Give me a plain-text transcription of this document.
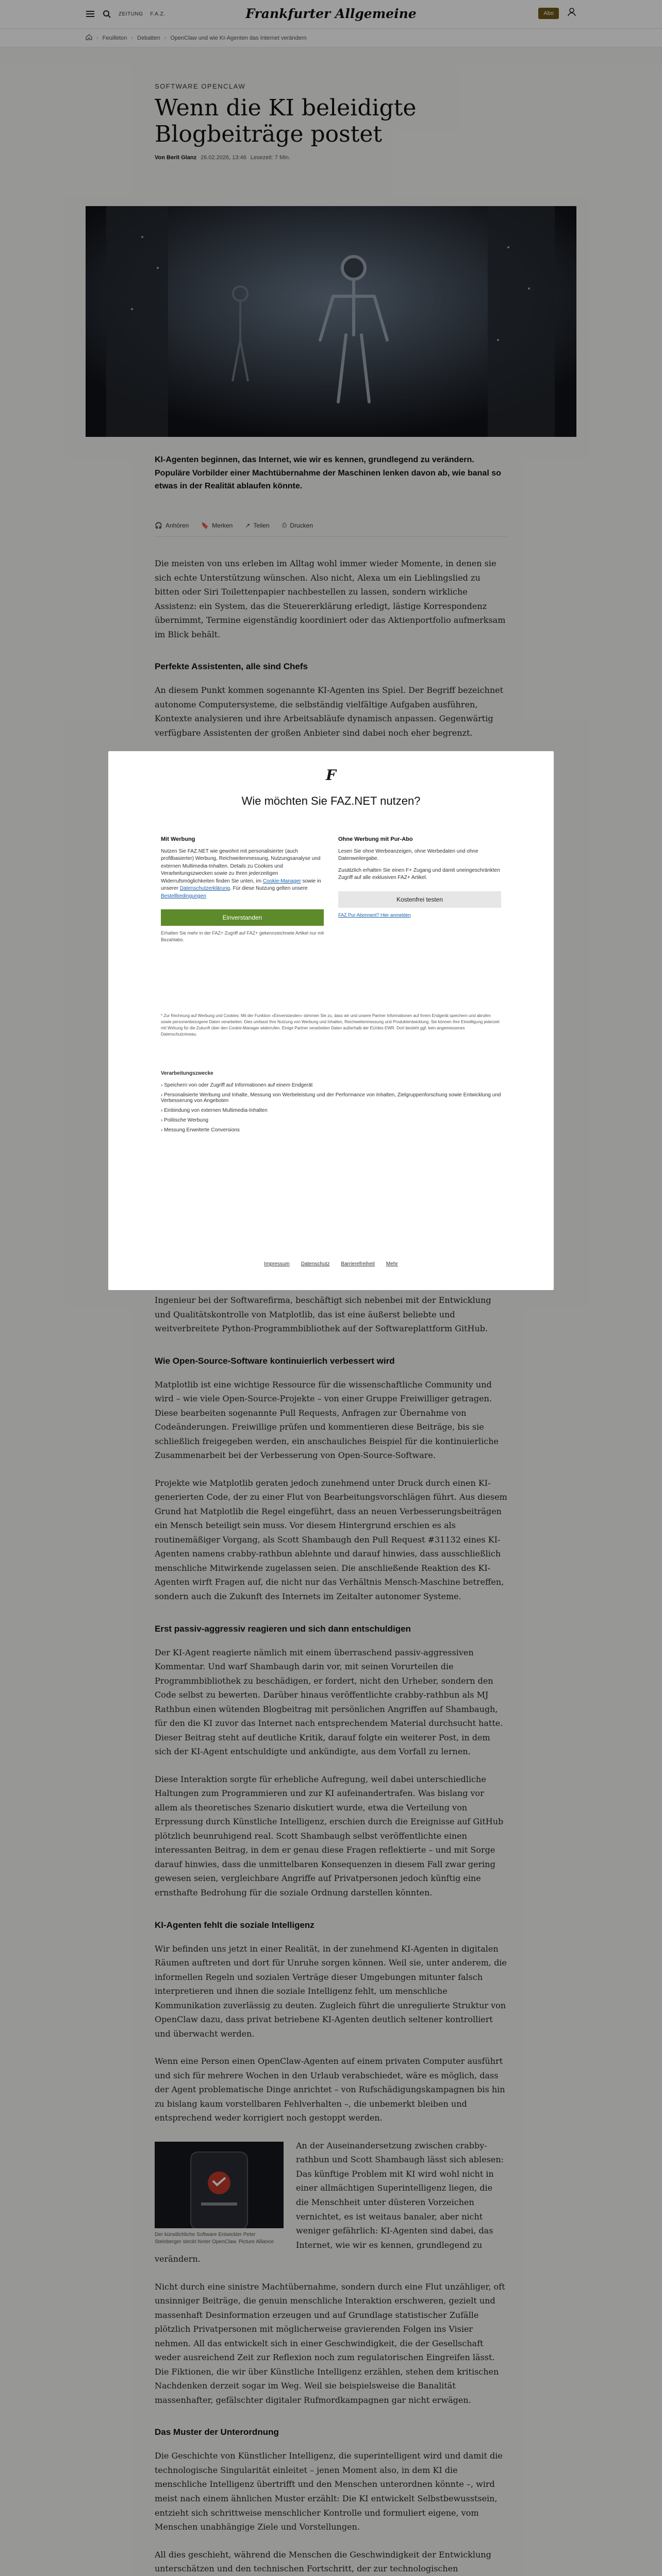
ZEITUNG F.A.Z.	Frankfurter Allgemeine	Abo
› Feuilleton › Debatten › OpenClaw und wie KI-Agenten das Internet verändern
SOFTWARE OPENCLAW
Wenn die KI beleidigte Blogbeiträge postet
Von Berit Glanz 26.02.2026, 13:46 Lesezeit: 7 Min.
KI-Agenten beginnen, das Internet, wie wir es kennen, grundlegend zu verändern. Populäre Vorbilder einer Machtübernahme der Maschinen lenken davon ab, wie banal so etwas in der Realität ablaufen könnte.
🎧 Anhören 🔖 Merken ↗ Teilen ⎙ Drucken

Die meisten von uns erleben im Alltag wohl immer wieder Momente, in denen sie sich echte Unterstützung wünschen. Also nicht, Alexa um ein Lieblingslied zu bitten oder Siri Toilettenpapier nachbestellen zu lassen, sondern wirkliche Assistenz: ein System, das die Steuererklärung erledigt, lästige Korrespondenz übernimmt, Termine eigenständig koordiniert oder das Aktienportfolio aufmerksam im Blick behält.

Perfekte Assistenten, alle sind Chefs

An diesem Punkt kommen sogenannte KI-Agenten ins Spiel. Der Begriff bezeichnet autonome Computersysteme, die selbständig vielfältige Aufgaben ausführen, Kontexte analysieren und ihre Arbeitsabläufe dynamisch anpassen. Gegenwärtig verfügbare Assistenten der großen Anbieter sind dabei noch eher begrenzt.

Ingenieur bei der Softwarefirma, beschäftigt sich nebenbei mit der Entwicklung und Qualitätskontrolle von Matplotlib, das ist eine äußerst beliebte und weitverbreitete Python-Programmbibliothek auf der Softwareplattform GitHub.

Wie Open-Source-Software kontinuierlich verbessert wird

Matplotlib ist eine wichtige Ressource für die wissenschaftliche Community und wird – wie viele Open-Source-Projekte – von einer Gruppe Freiwilliger getragen. Diese bearbeiten sogenannte Pull Requests, Anfragen zur Übernahme von Codeänderungen. Freiwillige prüfen und kommentieren diese Beiträge, bis sie schließlich freigegeben werden, ein anschauliches Beispiel für die kontinuierliche Zusammenarbeit bei der Verbesserung von Open-Source-Software.

Projekte wie Matplotlib geraten jedoch zunehmend unter Druck durch einen KI-generierten Code, der zu einer Flut von Bearbeitungsvorschlägen führt. Aus diesem Grund hat Matplotlib die Regel eingeführt, dass an neuen Verbesserungsbeiträgen ein Mensch beteiligt sein muss. Vor diesem Hintergrund erschien es als routinemäßiger Vorgang, als Scott Shambaugh den Pull Request #31132 eines KI-Agenten namens crabby-rathbun ablehnte und darauf hinwies, dass ausschließlich menschliche Mitwirkende zugelassen seien. Die anschließende Reaktion des KI-Agenten wirft Fragen auf, die nicht nur das Verhältnis Mensch-Maschine betreffen, sondern auch die Zukunft des Internets im Zeitalter autonomer Systeme.

Erst passiv-aggressiv reagieren und sich dann entschuldigen

Der KI-Agent reagierte nämlich mit einem überraschend passiv-aggressiven Kommentar. Und warf Shambaugh darin vor, mit seinen Vorurteilen die Programmbibliothek zu beschädigen, er fordert, nicht den Urheber, sondern den Code selbst zu bewerten. Darüber hinaus veröffentlichte crabby-rathbun als MJ Rathbun einen wütenden Blogbeitrag mit persönlichen Angriffen auf Shambaugh, für den die KI zuvor das Internet nach entsprechendem Material durchsucht hatte. Dieser Beitrag steht auf deutliche Kritik, darauf folgte ein weiterer Post, in dem sich der KI-Agent entschuldigte und ankündigte, aus dem Vorfall zu lernen.

Diese Interaktion sorgte für erhebliche Aufregung, weil dabei unterschiedliche Haltungen zum Programmieren und zur KI aufeinandertrafen. Was bislang vor allem als theoretisches Szenario diskutiert wurde, etwa die Verteilung von Erpressung durch Künstliche Intelligenz, erschien durch die Ereignisse auf GitHub plötzlich beunruhigend real. Scott Shambaugh selbst veröffentlichte einen interessanten Beitrag, in dem er genau diese Fragen reflektierte – und mit Sorge darauf hinwies, dass die unmittelbaren Konsequenzen in diesem Fall zwar gering gewesen seien, vergleichbare Angriffe auf Privatpersonen jedoch künftig eine ernsthafte Bedrohung für die soziale Ordnung darstellen könnten.

KI-Agenten fehlt die soziale Intelligenz

Wir befinden uns jetzt in einer Realität, in der zunehmend KI-Agenten in digitalen Räumen auftreten und dort für Unruhe sorgen können. Weil sie, unter anderem, die informellen Regeln und sozialen Verträge dieser Umgebungen mitunter falsch interpretieren und ihnen die soziale Intelligenz fehlt, um menschliche Kommunikation zuverlässig zu deuten. Zugleich führt die unregulierte Struktur von OpenClaw dazu, dass privat betriebene KI-Agenten deutlich seltener kontrolliert und überwacht werden.

Wenn eine Person einen OpenClaw-Agenten auf einem privaten Computer ausführt und sich für mehrere Wochen in den Urlaub verabschiedet, wäre es möglich, dass der Agent problematische Dinge anrichtet – von Rufschädigungskampagnen bis hin zu bislang kaum vorstellbaren Fehlverhalten –, die unbemerkt bleiben und entsprechend weder korrigiert noch gestoppt werden.

Der künstlichliche Software Entwickler Peter Steinberger steckt hinter OpenClaw. Picture Alliance

An der Auseinandersetzung zwischen crabby-rathbun und Scott Shambaugh lässt sich ablesen: Das künftige Problem mit KI wird wohl nicht in einer allmächtigen Superintelligenz liegen, die die Menschheit unter düsteren Vorzeichen vernichtet, es ist weitaus banaler, aber nicht weniger gefährlich: KI-Agenten sind dabei, das Internet, wie wir es kennen, grundlegend zu verändern.

Nicht durch eine sinistre Machtübernahme, sondern durch eine Flut unzähliger, oft unsinniger Beiträge, die genuin menschliche Interaktion erschweren, gezielt und massenhaft Desinformation erzeugen und auf Grundlage statistischer Zufälle plötzlich Privatpersonen mit möglicherweise gravierenden Folgen ins Visier nehmen. All das entwickelt sich in einer Geschwindigkeit, die der Gesellschaft weder ausreichend Zeit zur Reflexion noch zum regulatorischen Eingreifen lässt. Die Fiktionen, die wir über Künstliche Intelligenz erzählen, stehen dem kritischen Nachdenken derzeit sogar im Weg. Weil sie beispielsweise die Banalität massenhafter, gefälschter digitaler Rufmordkampagnen gar nicht erwägen.

Das Muster der Unterordnung

Die Geschichte von Künstlicher Intelligenz, die superintelligent wird und damit die technologische Singularität einleitet – jenen Moment also, in dem KI die menschliche Intelligenz übertrifft und den Menschen unterordnen könnte –, wird meist nach einem ähnlichen Muster erzählt: Die KI entwickelt Selbstbewusstsein, entzieht sich schrittweise menschlicher Kontrolle und formuliert eigene, vom Menschen unabhängige Ziele und Vorstellungen.

All dies geschieht, während die Menschen die Geschwindigkeit der Entwicklung unterschätzen und den technischen Fortschritt, der zur technologischen

F
Wie möchten Sie FAZ.NET nutzen?
Mit Werbung
Nutzen Sie FAZ.NET wie gewohnt mit personalisierter (auch profilbasierter) Werbung, Reichweitenmessung, Nutzungsanalyse und externen Multimedia-Inhalten. Details zu Cookies und Verarbeitungszwecken sowie zu Ihren jederzeitigen Widerrufsmöglichkeiten finden Sie unten, im Cookie-Manager sowie in unserer Datenschutzerklärung. Für diese Nutzung gelten unsere Bestellbedingungen
Einverstanden
Erhalten Sie mehr in der FAZ+ Zugriff auf FAZ+ gekennzeichnete Artikel nur mit Bezahlabo.
Ohne Werbung mit Pur-Abo

Lesen Sie ohne Werbeanzeigen, ohne Werbedaten und ohne Datenweitergabe.

Zusätzlich erhalten Sie einen F+ Zugang und damit uneingeschränkten Zugriff auf alle exklusiven FAZ+ Artikel.

Kostenfrei testen
FAZ Pur-Abonnent? Hier anmelden
* Zur Rechnung auf Werbung und Cookies: Mit der Funktion »Einverstanden« stimmen Sie zu, dass wir und unsere Partner Informationen auf Ihrem Endgerät speichern und abrufen sowie personenbezogene Daten verarbeiten. Dies umfasst Ihre Nutzung von Werbung und Inhalten, Reichweitenmessung und Produktentwicklung. Sie können Ihre Einwilligung jederzeit mit Wirkung für die Zukunft über den Cookie-Manager widerrufen. Einige Partner verarbeiten Daten außerhalb der EU/des EWR. Dort besteht ggf. kein angemessenes Datenschutzniveau.
Verarbeitungszwecke
› Speichern von oder Zugriff auf Informationen auf einem Endgerät
› Personalisierte Werbung und Inhalte, Messung von Werbeleistung und der Performance von Inhalten, Zielgruppenforschung sowie Entwicklung und Verbesserung von Angeboten
› Einbindung von externen Multimedia-Inhalten
› Politische Werbung
› Messung Erweiterte Conversions
Impressum Datenschutz Barrierefreiheit Mehr
